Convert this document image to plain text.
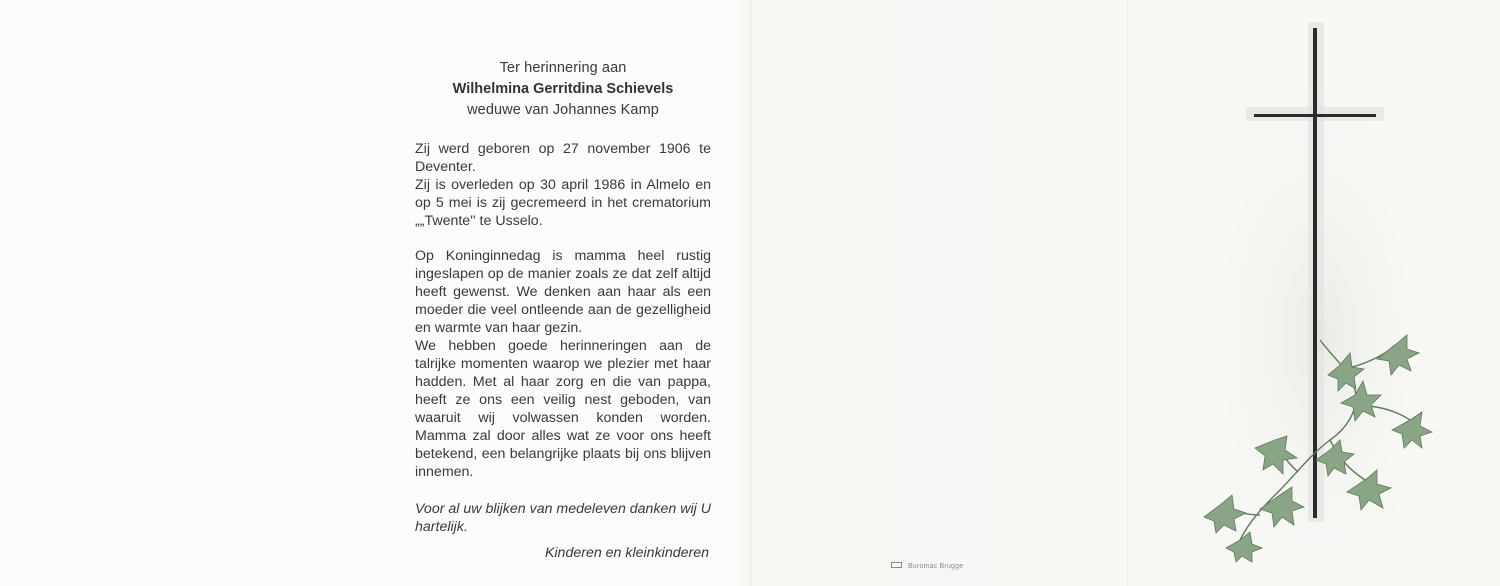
Ter herinnering aan
Wilhelmina Gerritdina Schievels
weduwe van Johannes Kamp

Zij werd geboren op 27 november 1906 te Deventer.

Zij is overleden op 30 april 1986 in Almelo en op 5 mei is zij gecremeerd in het crematorium „„Twente'' te Usselo.

Op Koninginnedag is mamma heel rustig ingeslapen op de manier zoals ze dat zelf altijd heeft gewenst. We denken aan haar als een moeder die veel ontleende aan de gezelligheid en warmte van haar gezin.

We hebben goede herinneringen aan de talrijke momenten waarop we plezier met haar hadden. Met al haar zorg en die van pappa, heeft ze ons een veilig nest geboden, van waaruit wij volwassen konden worden. Mamma zal door alles wat ze voor ons heeft betekend, een belangrijke plaats bij ons blijven innemen.

Voor al uw blijken van medeleven danken wij U hartelijk.
Kinderen en kleinkinderen
Buromac Brugge
